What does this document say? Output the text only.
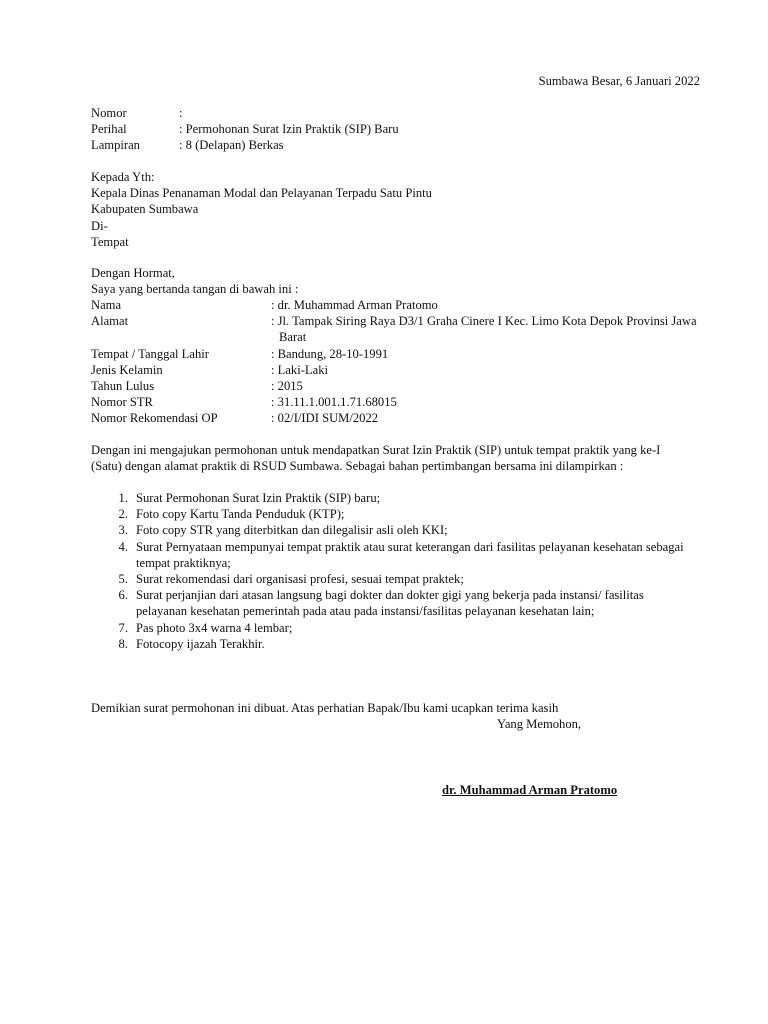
Sumbawa Besar, 6 Januari 2022
Nomor	:
Perihal	: Permohonan Surat Izin Praktik (SIP) Baru
Lampiran	: 8 (Delapan) Berkas
Kepada Yth:
Kepala Dinas Penanaman Modal dan Pelayanan Terpadu Satu Pintu
Kabupaten Sumbawa
Di-
Tempat
Dengan Hormat,
Saya yang bertanda tangan di bawah ini :
Nama	: dr. Muhammad Arman Pratomo
Alamat	: Jl. Tampak Siring Raya D3/1 Graha Cinere I Kec. Limo Kota Depok Provinsi Jawa Barat
Tempat / Tanggal Lahir	: Bandung, 28-10-1991
Jenis Kelamin	: Laki-Laki
Tahun Lulus	: 2015
Nomor STR	: 31.11.1.001.1.71.68015
Nomor Rekomendasi OP	: 02/I/IDI SUM/2022
Dengan ini mengajukan permohonan untuk mendapatkan Surat Izin Praktik (SIP) untuk tempat praktik yang ke-I (Satu) dengan alamat praktik di RSUD Sumbawa. Sebagai bahan pertimbangan bersama ini dilampirkan :
1. Surat Permohonan Surat Izin Praktik (SIP) baru;
2. Foto copy Kartu Tanda Penduduk (KTP);
3. Foto copy STR yang diterbitkan dan dilegalisir asli oleh KKI;
4. Surat Pernyataan mempunyai tempat praktik atau surat keterangan dari fasilitas pelayanan kesehatan sebagai tempat praktiknya;
5. Surat rekomendasi dari organisasi profesi, sesuai tempat praktek;
6. Surat perjanjian dari atasan langsung bagi dokter dan dokter gigi yang bekerja pada instansi/ fasilitas pelayanan kesehatan pemerintah pada atau pada instansi/fasilitas pelayanan kesehatan lain;
7. Pas photo 3x4 warna 4 lembar;
8. Fotocopy ijazah Terakhir.
Demikian surat permohonan ini dibuat. Atas perhatian Bapak/Ibu kami ucapkan terima kasih
Yang Memohon,
dr. Muhammad Arman Pratomo
